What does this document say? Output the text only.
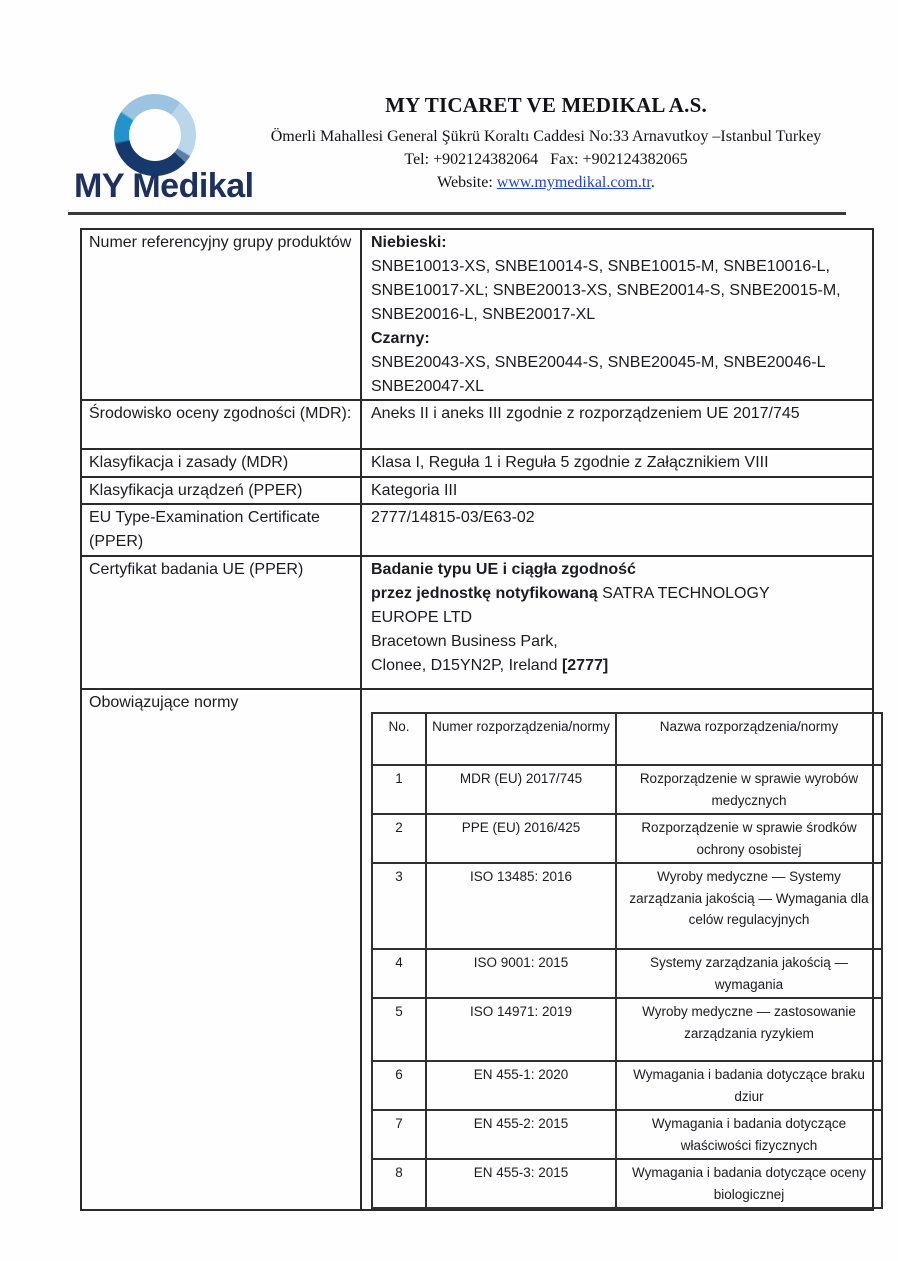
MY Medikal
MY TICARET VE MEDIKAL A.S.
Ömerli Mahallesi General Şükrü Koraltı Caddesi No:33 Arnavutkoy –Istanbul Turkey
Tel: +902124382064   Fax: +902124382065
Website: www.mymedikal.com.tr.
Numer referencyjny grupy produktów	Niebieski:
SNBE10013-XS, SNBE10014-S, SNBE10015-M, SNBE10016-L, SNBE10017-XL; SNBE20013-XS, SNBE20014-S, SNBE20015-M, SNBE20016-L, SNBE20017-XL
Czarny:
SNBE20043-XS, SNBE20044-S, SNBE20045-M, SNBE20046-L SNBE20047-XL

Środowisko oceny zgodności (MDR):	Aneks II i aneks III zgodnie z rozporządzeniem UE 2017/745
Klasyfikacja i zasady (MDR)	Klasa I, Reguła 1 i Reguła 5 zgodnie z Załącznikiem VIII
Klasyfikacja urządzeń (PPER)	Kategoria III
EU Type-Examination Certificate (PPER)	2777/14815-03/E63-02
Certyfikat badania UE (PPER)	Badanie typu UE i ciągła zgodność
przez jednostkę notyfikowaną SATRA TECHNOLOGY
EUROPE LTD
Bracetown Business Park,
Clonee, D15YN2P, Ireland [2777]

Obowiązujące normy	
No.	Numer rozporządzenia/normy	Nazwa rozporządzenia/normy
1	MDR (EU) 2017/745	Rozporządzenie w sprawie wyrobów medycznych
2	PPE (EU) 2016/425	Rozporządzenie w sprawie środków ochrony osobistej
3	ISO 13485: 2016	Wyroby medyczne — Systemy zarządzania jakością — Wymagania dla celów regulacyjnych
4	ISO 9001: 2015	Systemy zarządzania jakością — wymagania
5	ISO 14971: 2019	Wyroby medyczne — zastosowanie zarządzania ryzykiem
6	EN 455-1: 2020	Wymagania i badania dotyczące braku dziur
7	EN 455-2: 2015	Wymagania i badania dotyczące właściwości fizycznych
8	EN 455-3: 2015	Wymagania i badania dotyczące oceny biologicznej
